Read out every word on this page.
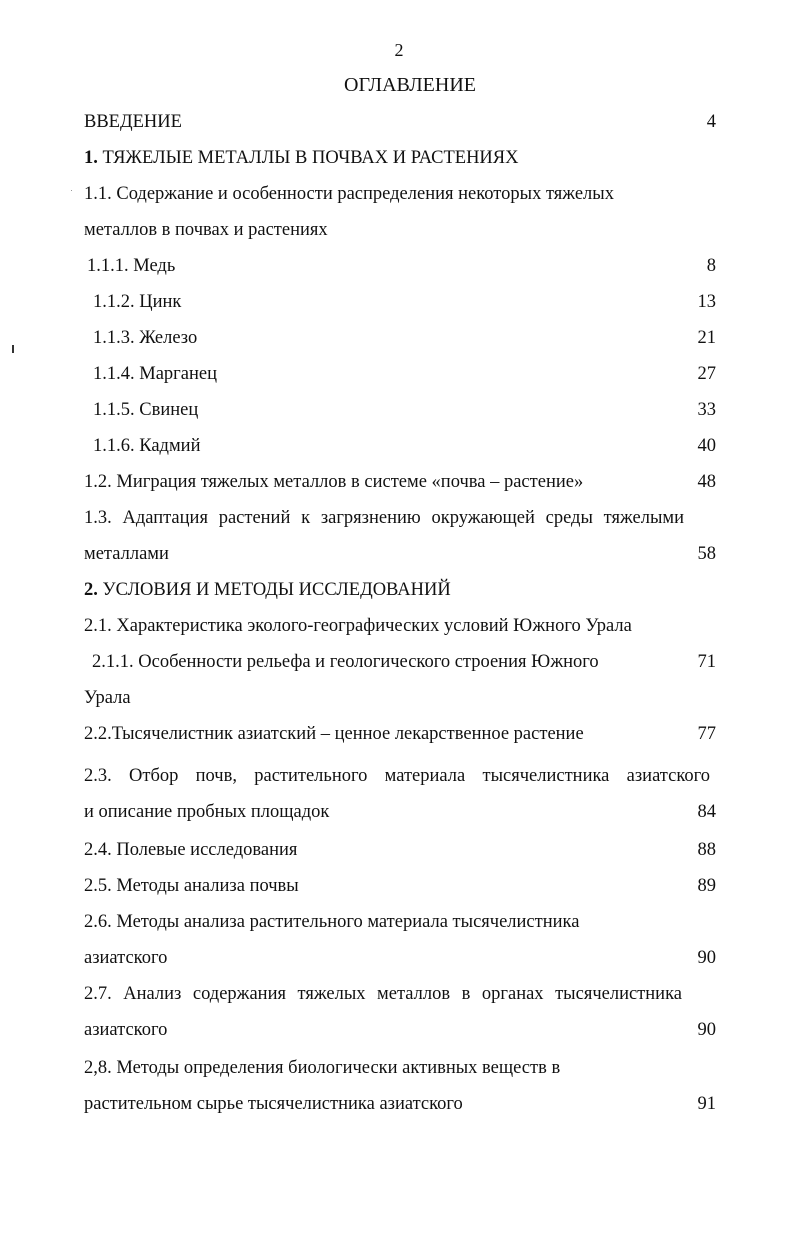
2
ОГЛАВЛЕНИЕ
ВВЕДЕНИЕ	4
1. ТЯЖЕЛЫЕ МЕТАЛЛЫ В ПОЧВАХ И РАСТЕНИЯХ
1.1. Содержание и особенности распределения некоторых тяжелых
металлов в почвах и растениях
1.1.1. Медь	8
1.1.2. Цинк	13
1.1.3. Железо	21
1.1.4. Марганец	27
1.1.5. Свинец	33
1.1.6. Кадмий	40
1.2. Миграция тяжелых металлов в системе «почва – растение»	48
1.3. Адаптация растений к загрязнению окружающей среды тяжелыми
металлами	58
2. УСЛОВИЯ И МЕТОДЫ ИССЛЕДОВАНИЙ
2.1. Характеристика эколого-географических условий Южного Урала
2.1.1. Особенности рельефа и геологического строения Южного	71
Урала
2.2.Тысячелистник азиатский – ценное лекарственное растение	77
2.3. Отбор почв, растительного материала тысячелистника азиатского
и описание пробных площадок	84
2.4. Полевые исследования	88
2.5. Методы анализа почвы	89
2.6. Методы анализа растительного материала тысячелистника
азиатского	90
2.7. Анализ содержания тяжелых металлов в органах тысячелистника
азиатского	90
2,8. Методы определения биологически активных веществ в
растительном сырье тысячелистника азиатского	91
